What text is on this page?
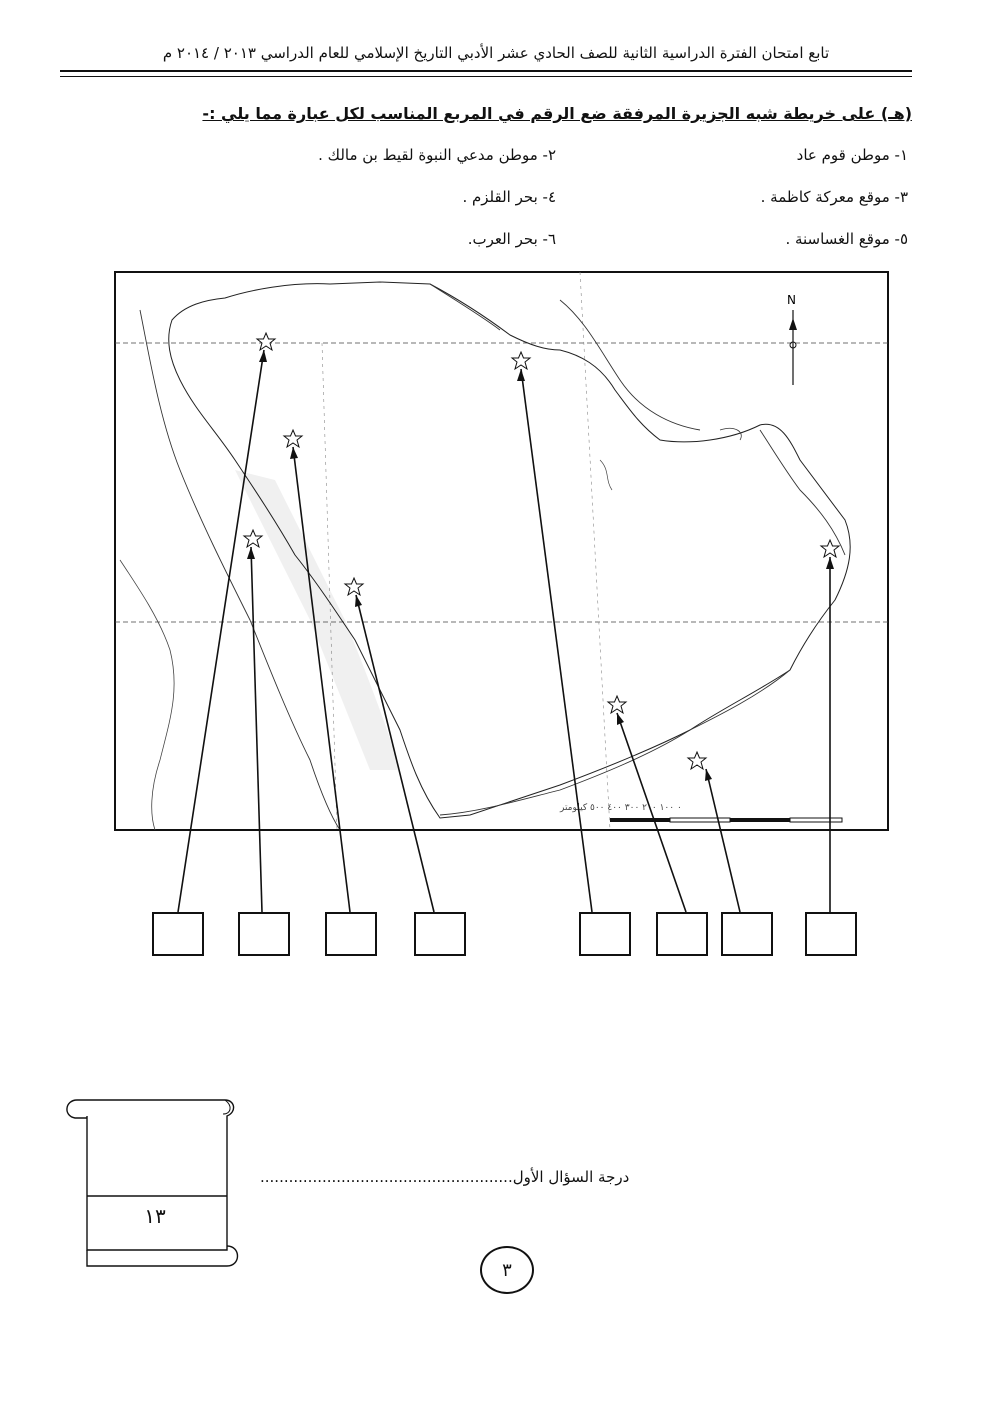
تابع امتحان الفترة الدراسية الثانية للصف الحادي عشر الأدبي التاريخ الإسلامي للعام الدراسي ٢٠١٣ / ٢٠١٤ م
(هـ) على خريطة شبه الجزيرة المرفقة ضع الرقم في المربع المناسب لكل عبارة مما يلي :-
١- موطن قوم عاد
٢- موطن مدعي النبوة لقيط بن مالك .
٣- موقع معركة كاظمة .
٤- بحر القلزم .
٥- موقع الغساسنة .
٦- بحر العرب.
N
٠ ١٠٠ ٢٠٠ ٣٠٠ ٤٠٠ ٥٠٠ كيلومتر
١٣
درجة السؤال الأول.....................................................
٣
